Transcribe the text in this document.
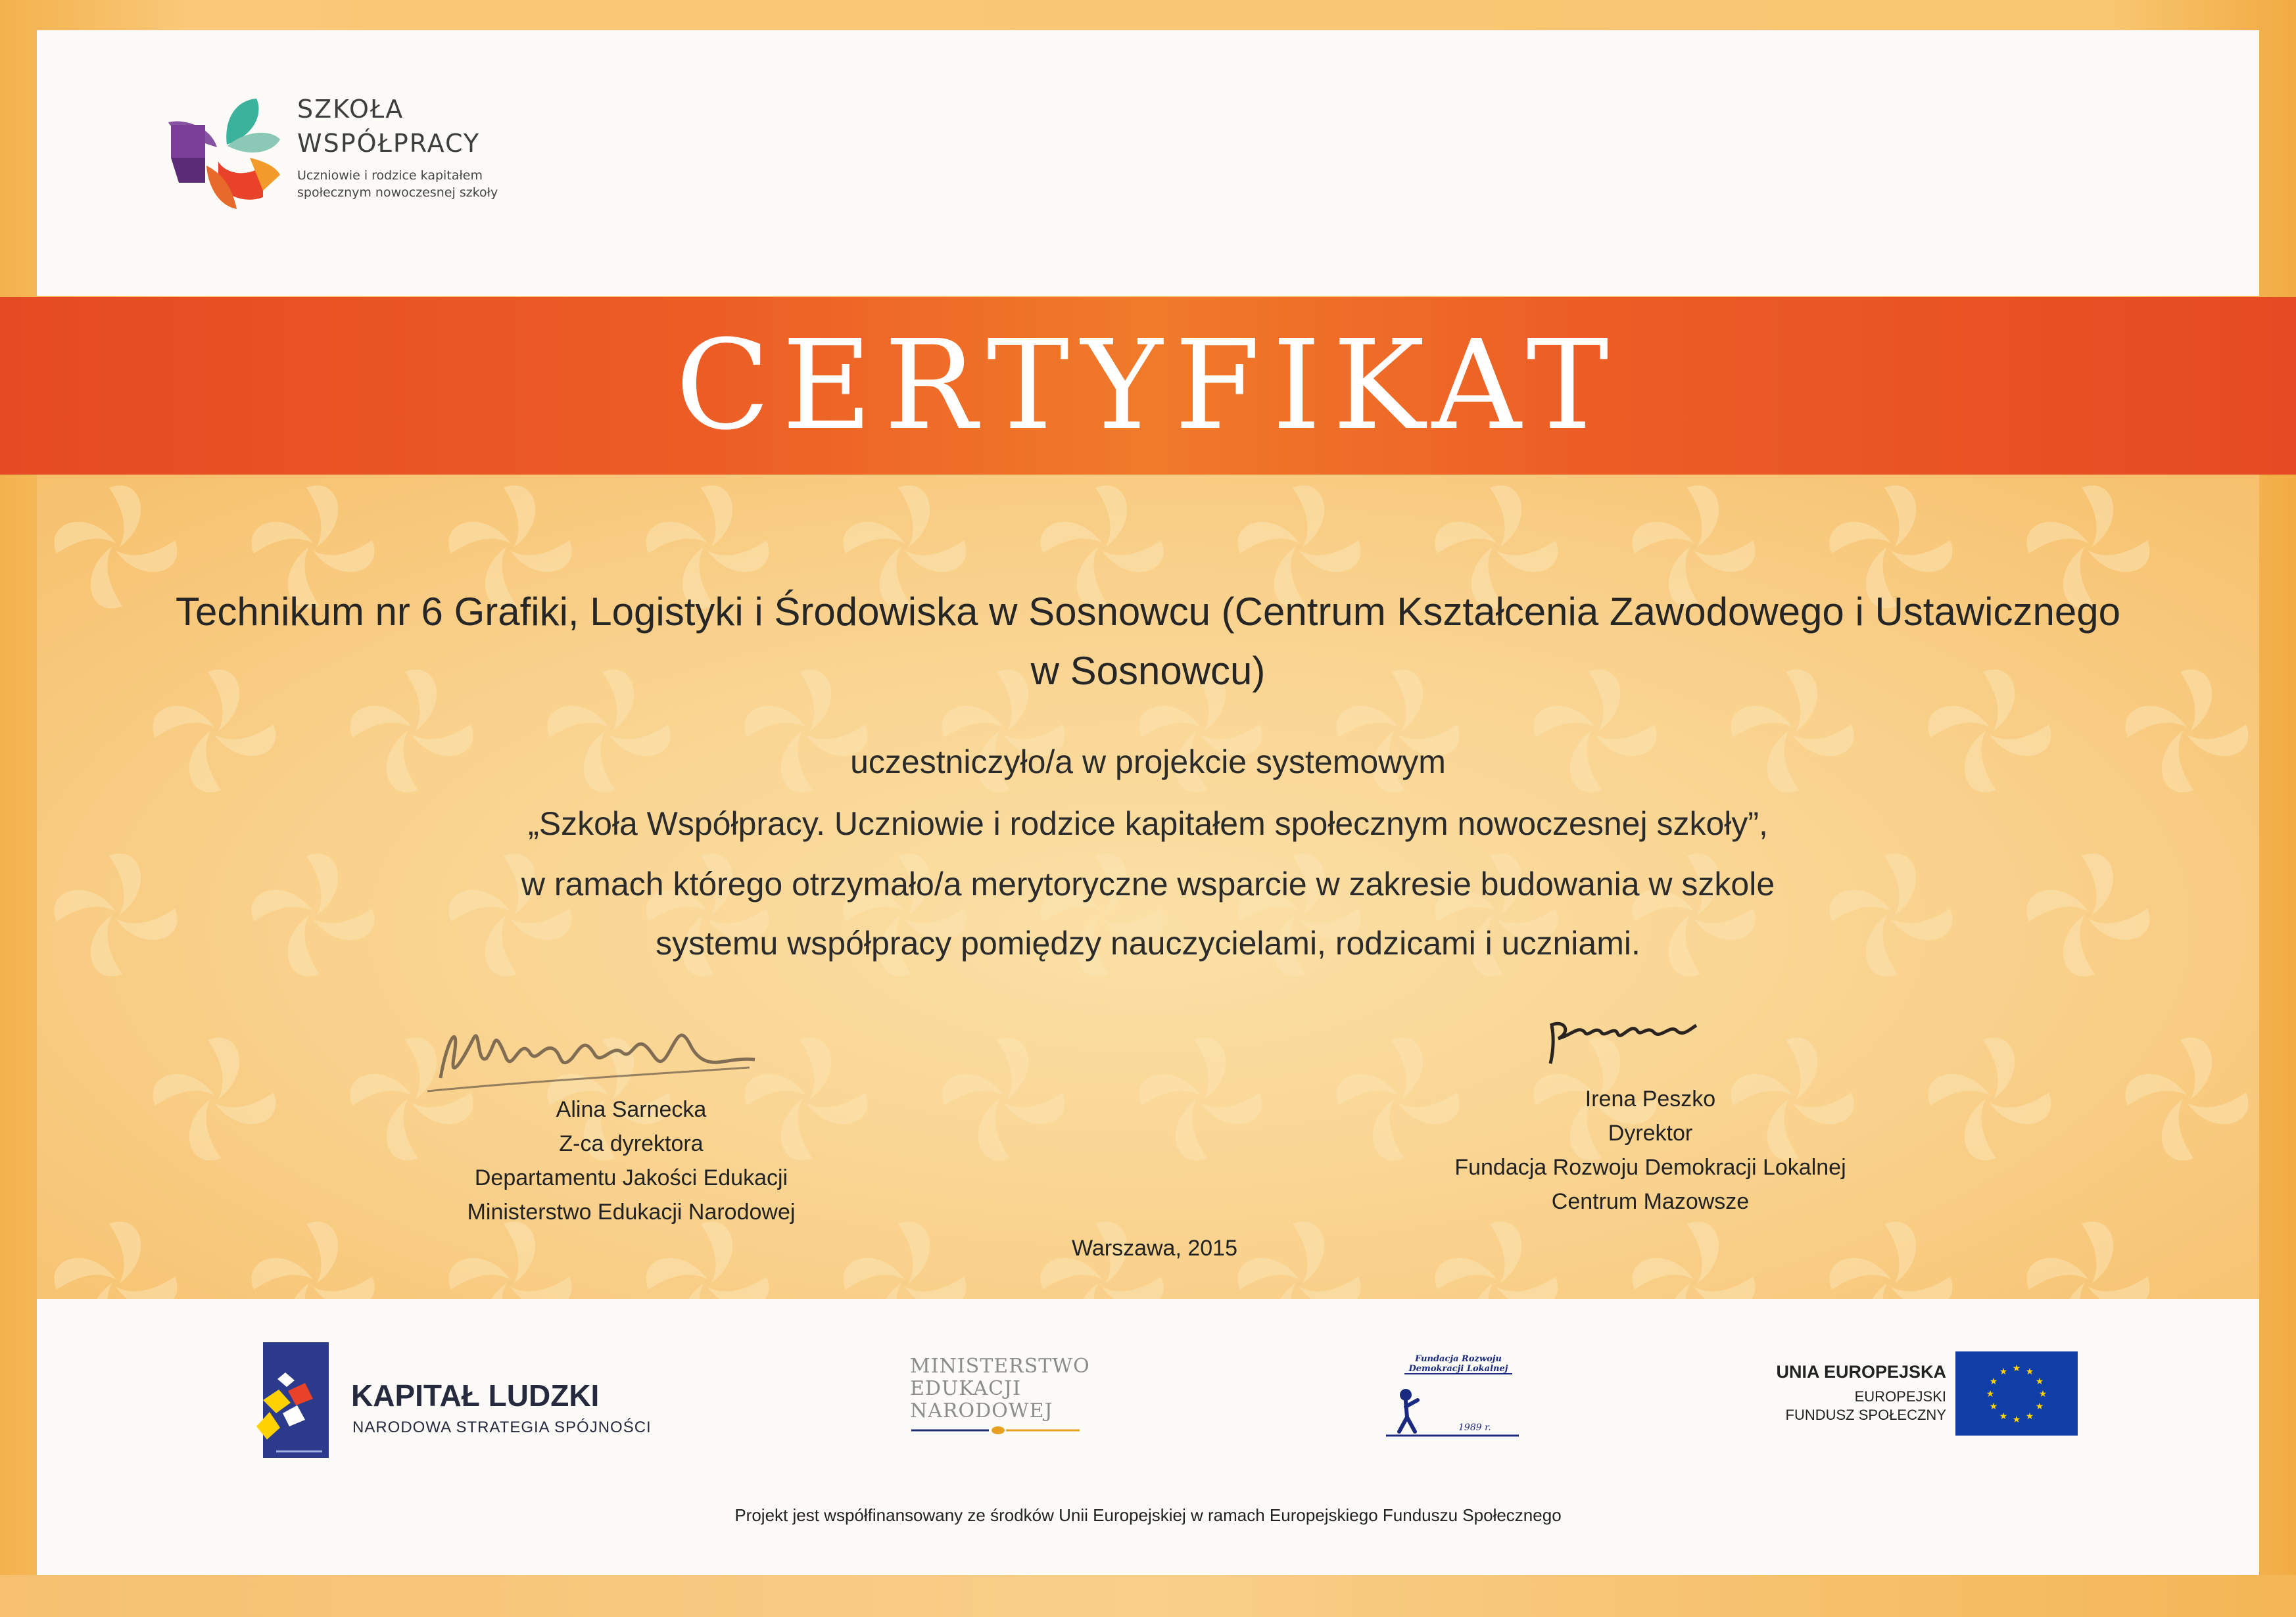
SZKOŁA
WSPÓŁPRACY
Uczniowie i rodzice kapitałem
społecznym nowoczesnej szkoły
CERTYFIKAT
Technikum nr 6 Grafiki, Logistyki i Środowiska w Sosnowcu (Centrum Kształcenia Zawodowego i Ustawicznego
w Sosnowcu)
uczestniczyło/a w projekcie systemowym
„Szkoła Współpracy. Uczniowie i rodzice kapitałem społecznym nowoczesnej szkoły”,
w ramach którego otrzymało/a merytoryczne wsparcie w zakresie budowania w szkole
systemu współpracy pomiędzy nauczycielami, rodzicami i uczniami.
Alina Sarnecka
Z-ca dyrektora
Departamentu Jakości Edukacji
Ministerstwo Edukacji Narodowej
Irena Peszko
Dyrektor
Fundacja Rozwoju Demokracji Lokalnej
Centrum Mazowsze
Warszawa, 2015
KAPITAŁ LUDZKI
NARODOWA STRATEGIA SPÓJNOŚCI
MINISTERSTWO
EDUKACJI
NARODOWEJ
Fundacja Rozwoju
Demokracji Lokalnej
1989 r.
UNIA EUROPEJSKA
EUROPEJSKI
FUNDUSZ SPOŁECZNY
★ ★
★
★
★
★
★
★
★
★
★
★
Projekt jest współfinansowany ze środków Unii Europejskiej w ramach Europejskiego Funduszu Społecznego
